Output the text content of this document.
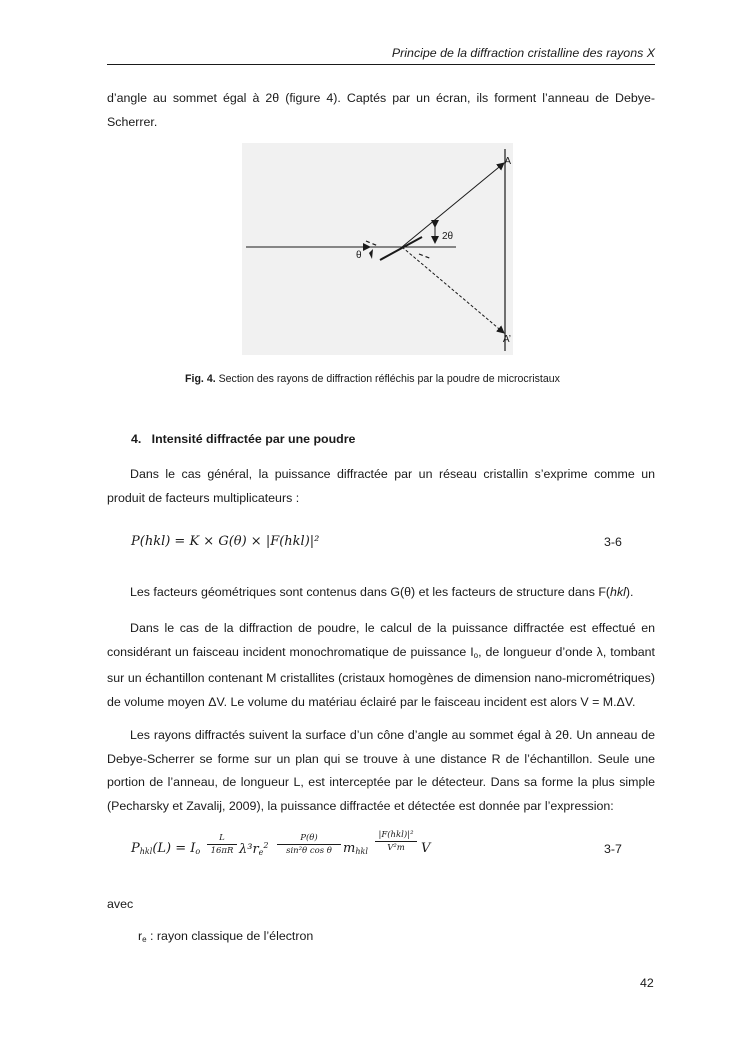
Principe de la diffraction cristalline des rayons X
d’angle au sommet égal à 2θ (figure 4). Captés par un écran, ils forment l’anneau de Debye-Scherrer.
A
A’
2θ
θ
Fig. 4. Section des rayons de diffraction réfléchis par la poudre de microcristaux
4.   Intensité diffractée par une poudre
Dans le cas général, la puissance diffractée par un réseau cristallin s’exprime comme un produit de facteurs multiplicateurs :
P(hkl) = K × G(θ) × |F(hkl)|²	3-6
Les facteurs géométriques sont contenus dans G(θ) et les facteurs de structure dans F(hkl).
Dans le cas de la diffraction de poudre, le calcul de la puissance diffractée est effectué en considérant un faisceau incident monochromatique de puissance $I_o$, de longueur d’onde λ, tombant sur un échantillon contenant M cristallites (cristaux homogènes de dimension nano-micrométriques) de volume moyen ΔV. Le volume du matériau éclairé par le faisceau incident est alors V = M.ΔV.
Les rayons diffractés suivent la surface d’un cône d’angle au sommet égal à 2θ. Un anneau de Debye-Scherrer se forme sur un plan qui se trouve à une distance R de l’échantillon. Seule une portion de l’anneau, de longueur L, est interceptée par le détecteur. Dans sa forme la plus simple (Pecharsky et Zavalij, 2009), la puissance diffractée et détectée est donnée par l’expression:
$P_{hkl}(L) = I_o$
L
16πR $\lambda^3r_e^2$
P(θ)
sin²θ cos θ $m_{hkl}$
|F(hkl)|²
V²m	V	3-7
avec
$r_e$ : rayon classique de l’électron
42
